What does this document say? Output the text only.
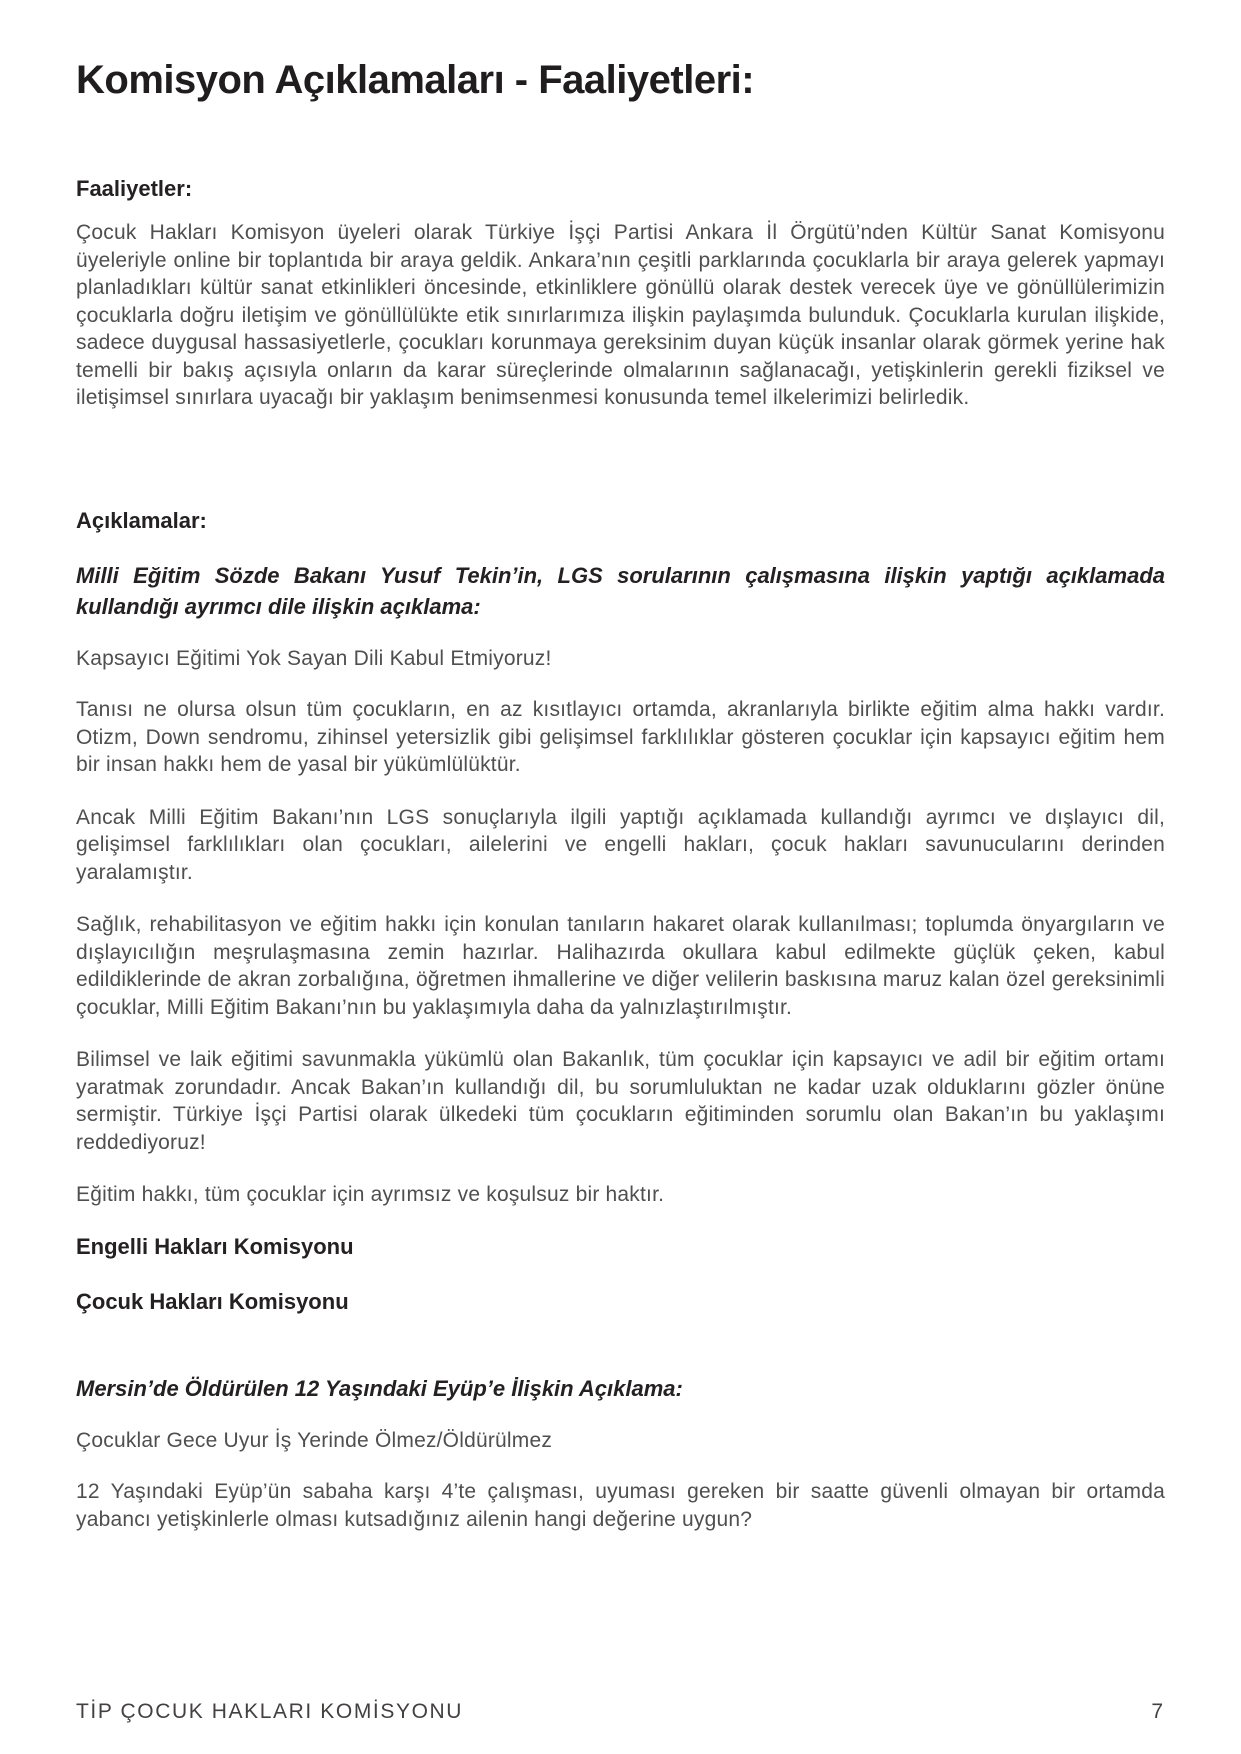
Komisyon Açıklamaları - Faaliyetleri:
Faaliyetler:

Çocuk Hakları Komisyon üyeleri olarak Türkiye İşçi Partisi Ankara İl Örgütü’nden Kültür Sanat Komisyonu üyeleriyle online bir toplantıda bir araya geldik. Ankara’nın çeşitli parklarında çocuklarla bir araya gelerek yapmayı planladıkları kültür sanat etkinlikleri öncesinde, etkinliklere gönüllü olarak destek verecek üye ve gönüllülerimizin çocuklarla doğru iletişim ve gönüllülükte etik sınırlarımıza ilişkin paylaşımda bulunduk. Çocuklarla kurulan ilişkide, sadece duygusal hassasiyetlerle, çocukları korunmaya gereksinim duyan küçük insanlar olarak görmek yerine hak temelli bir bakış açısıyla onların da karar süreçlerinde olmalarının sağlanacağı, yetişkinlerin gerekli fiziksel ve iletişimsel sınırlara uyacağı bir yaklaşım benimsenmesi konusunda temel ilkelerimizi belirledik.

Açıklamalar:
Milli Eğitim Sözde Bakanı Yusuf Tekin’in, LGS sorularının çalışmasına ilişkin yaptığı açıklamada kullandığı ayrımcı dile ilişkin açıklama:

Kapsayıcı Eğitimi Yok Sayan Dili Kabul Etmiyoruz!

Tanısı ne olursa olsun tüm çocukların, en az kısıtlayıcı ortamda, akranlarıyla birlikte eğitim alma hakkı vardır. Otizm, Down sendromu, zihinsel yetersizlik gibi gelişimsel farklılıklar gösteren çocuklar için kapsayıcı eğitim hem bir insan hakkı hem de yasal bir yükümlülüktür.

Ancak Milli Eğitim Bakanı’nın LGS sonuçlarıyla ilgili yaptığı açıklamada kullandığı ayrımcı ve dışlayıcı dil, gelişimsel farklılıkları olan çocukları, ailelerini ve engelli hakları, çocuk hakları savunucularını derinden yaralamıştır.

Sağlık, rehabilitasyon ve eğitim hakkı için konulan tanıların hakaret olarak kullanılması; toplumda önyargıların ve dışlayıcılığın meşrulaşmasına zemin hazırlar. Halihazırda okullara kabul edilmekte güçlük çeken, kabul edildiklerinde de akran zorbalığına, öğretmen ihmallerine ve diğer velilerin baskısına maruz kalan özel gereksinimli çocuklar, Milli Eğitim Bakanı’nın bu yaklaşımıyla daha da yalnızlaştırılmıştır.

Bilimsel ve laik eğitimi savunmakla yükümlü olan Bakanlık, tüm çocuklar için kapsayıcı ve adil bir eğitim ortamı yaratmak zorundadır. Ancak Bakan’ın kullandığı dil, bu sorumluluktan ne kadar uzak olduklarını gözler önüne sermiştir. Türkiye İşçi Partisi olarak ülkedeki tüm çocukların eğitiminden sorumlu olan Bakan’ın bu yaklaşımı reddediyoruz!

Eğitim hakkı, tüm çocuklar için ayrımsız ve koşulsuz bir haktır.

Engelli Hakları Komisyonu

Çocuk Hakları Komisyonu

Mersin’de Öldürülen 12 Yaşındaki Eyüp’e İlişkin Açıklama:

Çocuklar Gece Uyur İş Yerinde Ölmez/Öldürülmez

12 Yaşındaki Eyüp’ün sabaha karşı 4’te çalışması, uyuması gereken bir saatte güvenli olmayan bir ortamda yabancı yetişkinlerle olması kutsadığınız ailenin hangi değerine uygun?

TİP ÇOCUK HAKLARI KOMİSYONU	7
